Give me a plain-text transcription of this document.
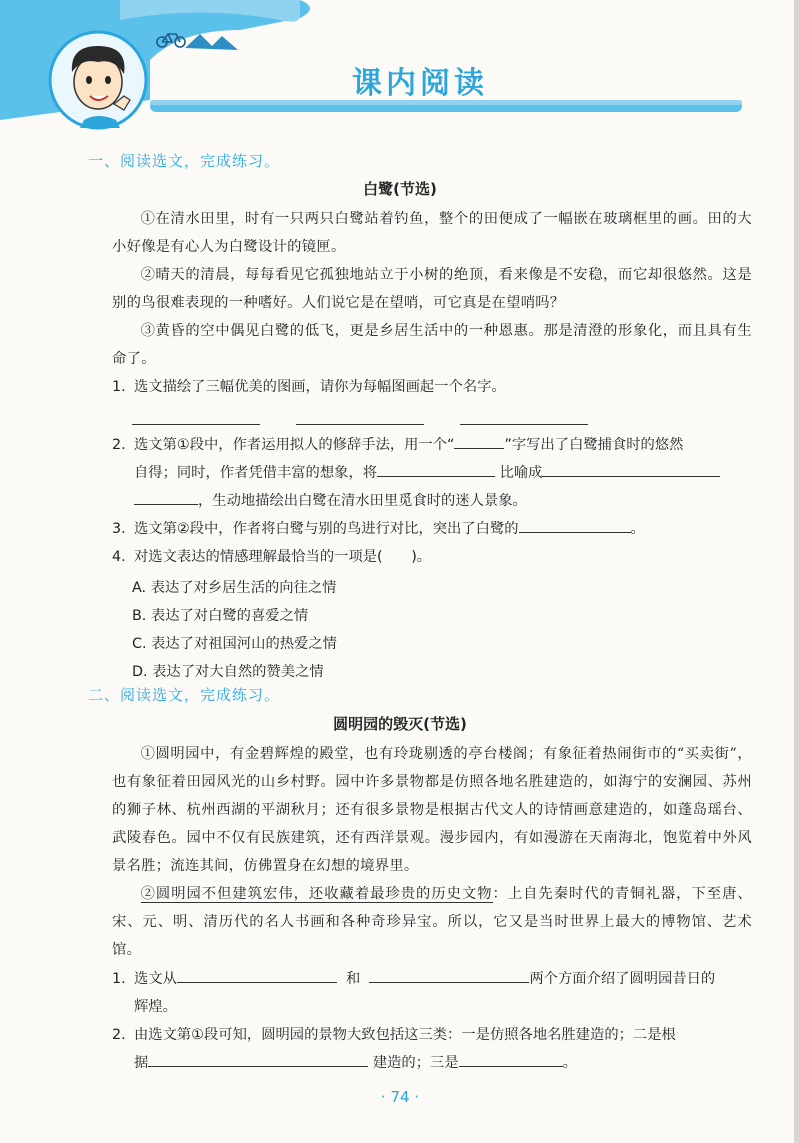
课内阅读
一、阅读选文，完成练习。
白鹭(节选)
①在清水田里，时有一只两只白鹭站着钓鱼，整个的田便成了一幅嵌在玻璃框里的画。田的大小好像是有心人为白鹭设计的镜匣。
②晴天的清晨，每每看见它孤独地站立于小树的绝顶，看来像是不安稳，而它却很悠然。这是别的鸟很难表现的一种嗜好。人们说它是在望哨，可它真是在望哨吗？
③黄昏的空中偶见白鹭的低飞，更是乡居生活中的一种恩惠。那是清澄的形象化，而且具有生命了。
1. 选文描绘了三幅优美的图画，请你为每幅图画起一个名字。
2. 选文第①段中，作者运用拟人的修辞手法，用一个“	”字写出了白鹭捕食时的悠然
自得；同时，作者凭借丰富的想象，将	比喻成
，生动地描绘出白鹭在清水田里觅食时的迷人景象。
3. 选文第②段中，作者将白鹭与别的鸟进行对比，突出了白鹭的	。
4. 对选文表达的情感理解最恰当的一项是(　　)。
A. 表达了对乡居生活的向往之情
B. 表达了对白鹭的喜爱之情
C. 表达了对祖国河山的热爱之情
D. 表达了对大自然的赞美之情
二、阅读选文，完成练习。
圆明园的毁灭(节选)
①圆明园中，有金碧辉煌的殿堂，也有玲珑剔透的亭台楼阁；有象征着热闹街市的“买卖街”，也有象征着田园风光的山乡村野。园中许多景物都是仿照各地名胜建造的，如海宁的安澜园、苏州的狮子林、杭州西湖的平湖秋月；还有很多景物是根据古代文人的诗情画意建造的，如蓬岛瑶台、武陵春色。园中不仅有民族建筑，还有西洋景观。漫步园内，有如漫游在天南海北，饱览着中外风景名胜；流连其间，仿佛置身在幻想的境界里。
②圆明园不但建筑宏伟，还收藏着最珍贵的历史文物：上自先秦时代的青铜礼器，下至唐、宋、元、明、清历代的名人书画和各种奇珍异宝。所以，它又是当时世界上最大的博物馆、艺术馆。
1. 选文从	和	两个方面介绍了圆明园昔日的
辉煌。
2. 由选文第①段可知，圆明园的景物大致包括这三类：一是仿照各地名胜建造的；二是根
据	建造的；三是	。
· 74 ·
